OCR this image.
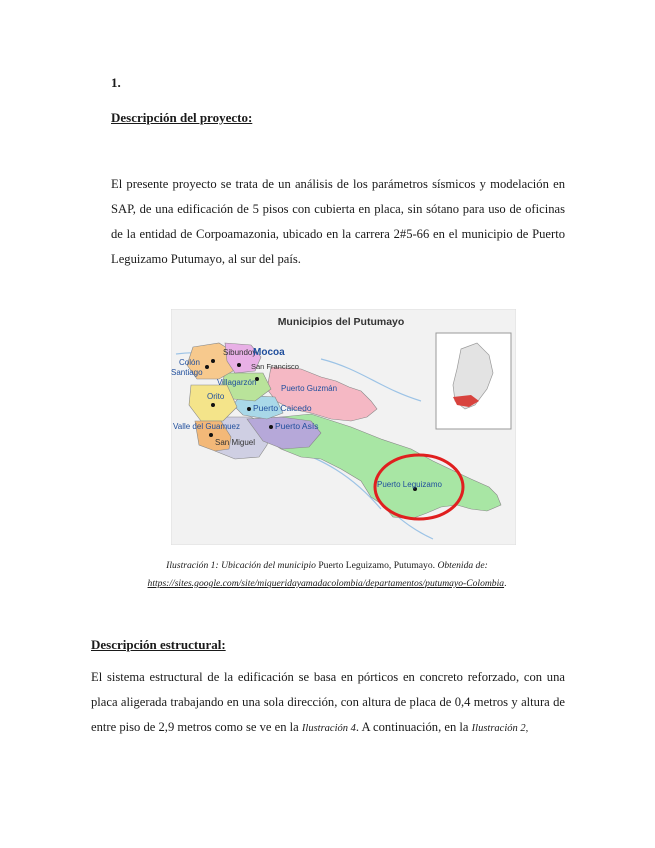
1.
Descripción del proyecto:
El presente proyecto se trata de un análisis de los parámetros sísmicos y modelación en SAP, de una edificación de 5 pisos con cubierta en placa, sin sótano para uso de oficinas de la entidad de Corpoamazonia, ubicado en la carrera 2#5-66 en el municipio de Puerto Leguizamo Putumayo, al sur del país.
Municipios del Putumayo
Sibundoy
Colón
Santiago
Mocoa
San Francisco
Villagarzón
Puerto Guzmán
Orito
Puerto Caicedo
Valle del Guamuez	Puerto Asís
San Miguel
Puerto Leguizamo
Ilustración 1: Ubicación del municipio Puerto Leguizamo, Putumayo. Obtenida de:
https://sites.google.com/site/miqueridayamadacolombia/departamentos/putumayo-Colombia.
Descripción estructural:
El sistema estructural de la edificación se basa en pórticos en concreto reforzado, con una placa aligerada trabajando en una sola dirección, con altura de placa de 0,4 metros y altura de entre piso de 2,9 metros como se ve en la Ilustración 4. A continuación, en la Ilustración 2,
